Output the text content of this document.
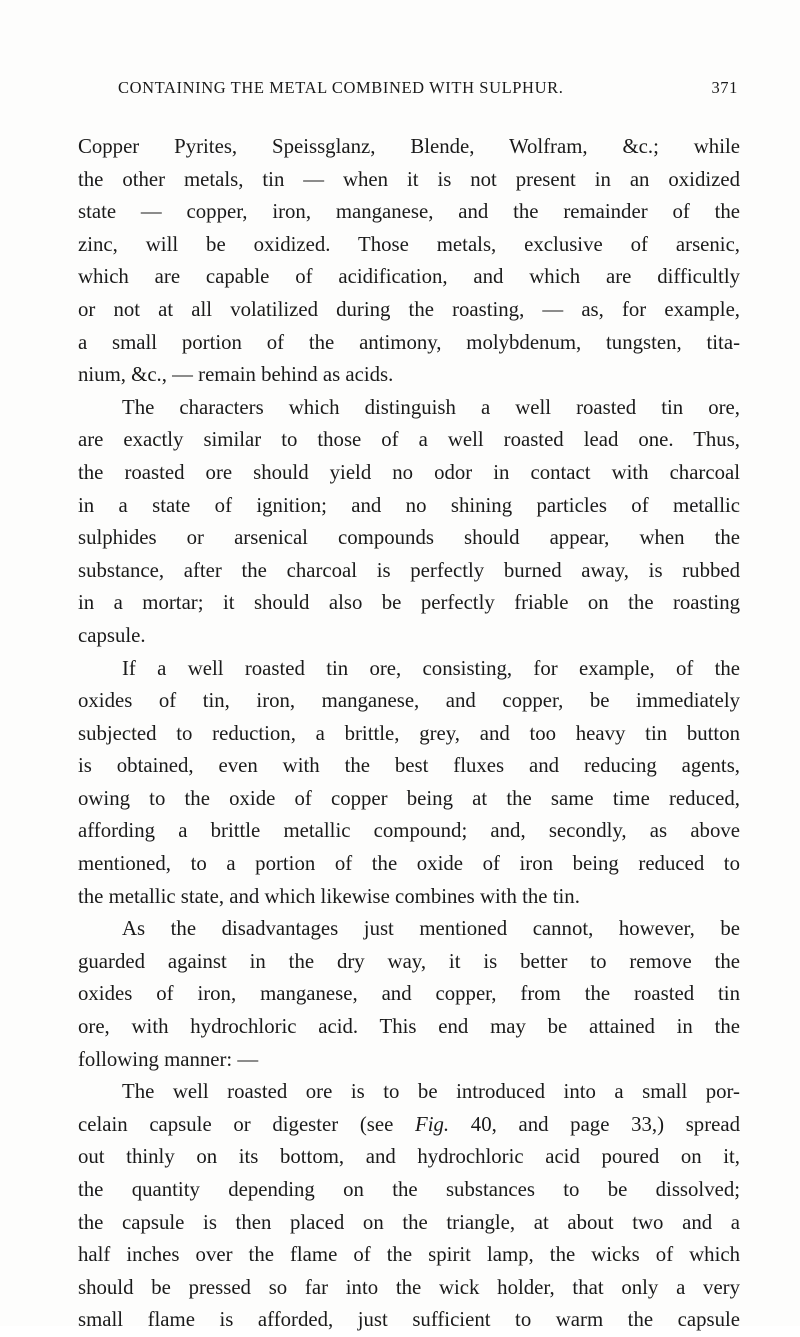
CONTAINING THE METAL COMBINED WITH SULPHUR.	371
Copper Pyrites, Speissglanz, Blende, Wolfram, &c.; while
the other metals, tin — when it is not present in an oxidized
state — copper, iron, manganese, and the remainder of the
zinc, will be oxidized. Those metals, exclusive of arsenic,
which are capable of acidification, and which are difficultly
or not at all volatilized during the roasting, — as, for example,
a small portion of the antimony, molybdenum, tungsten, tita-
nium, &c., — remain behind as acids.
The characters which distinguish a well roasted tin ore,
are exactly similar to those of a well roasted lead one. Thus,
the roasted ore should yield no odor in contact with charcoal
in a state of ignition; and no shining particles of metallic
sulphides or arsenical compounds should appear, when the
substance, after the charcoal is perfectly burned away, is rubbed
in a mortar; it should also be perfectly friable on the roasting
capsule.
If a well roasted tin ore, consisting, for example, of the
oxides of tin, iron, manganese, and copper, be immediately
subjected to reduction, a brittle, grey, and too heavy tin button
is obtained, even with the best fluxes and reducing agents,
owing to the oxide of copper being at the same time reduced,
affording a brittle metallic compound; and, secondly, as above
mentioned, to a portion of the oxide of iron being reduced to
the metallic state, and which likewise combines with the tin.
As the disadvantages just mentioned cannot, however, be
guarded against in the dry way, it is better to remove the
oxides of iron, manganese, and copper, from the roasted tin
ore, with hydrochloric acid. This end may be attained in the
following manner: —
The well roasted ore is to be introduced into a small por-
celain capsule or digester (see Fig. 40, and page 33,) spread
out thinly on its bottom, and hydrochloric acid poured on it,
the quantity depending on the substances to be dissolved;
the capsule is then placed on the triangle, at about two and a
half inches over the flame of the spirit lamp, the wicks of which
should be pressed so far into the wick holder, that only a very
small flame is afforded, just sufficient to warm the capsule
